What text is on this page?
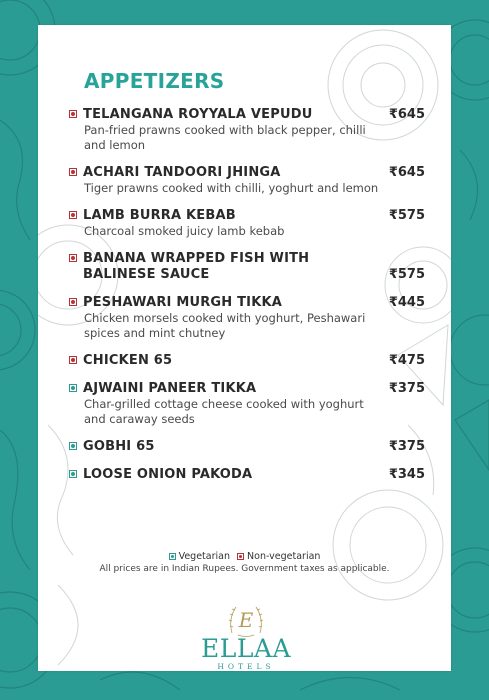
APPETIZERS
TELANGANA ROYYALA VEPUDU
Pan-fried prawns cooked with black pepper, chilli and lemon
₹645
ACHARI TANDOORI JHINGA
Tiger prawns cooked with chilli, yoghurt and lemon
₹645
LAMB BURRA KEBAB
Charcoal smoked juicy lamb kebab
₹575
BANANA WRAPPED FISH WITH BALINESE SAUCE	₹575
PESHAWARI MURGH TIKKA
Chicken morsels cooked with yoghurt, Peshawari spices and mint chutney
₹445
CHICKEN 65	₹475
AJWAINI PANEER TIKKA
Char-grilled cottage cheese cooked with yoghurt and caraway seeds
₹375
GOBHI 65	₹375
LOOSE ONION PAKODA	₹345
Vegetarian
Non-vegetarian
All prices are in Indian Rupees. Government taxes as applicable.
E
ELLAA
HOTELS
